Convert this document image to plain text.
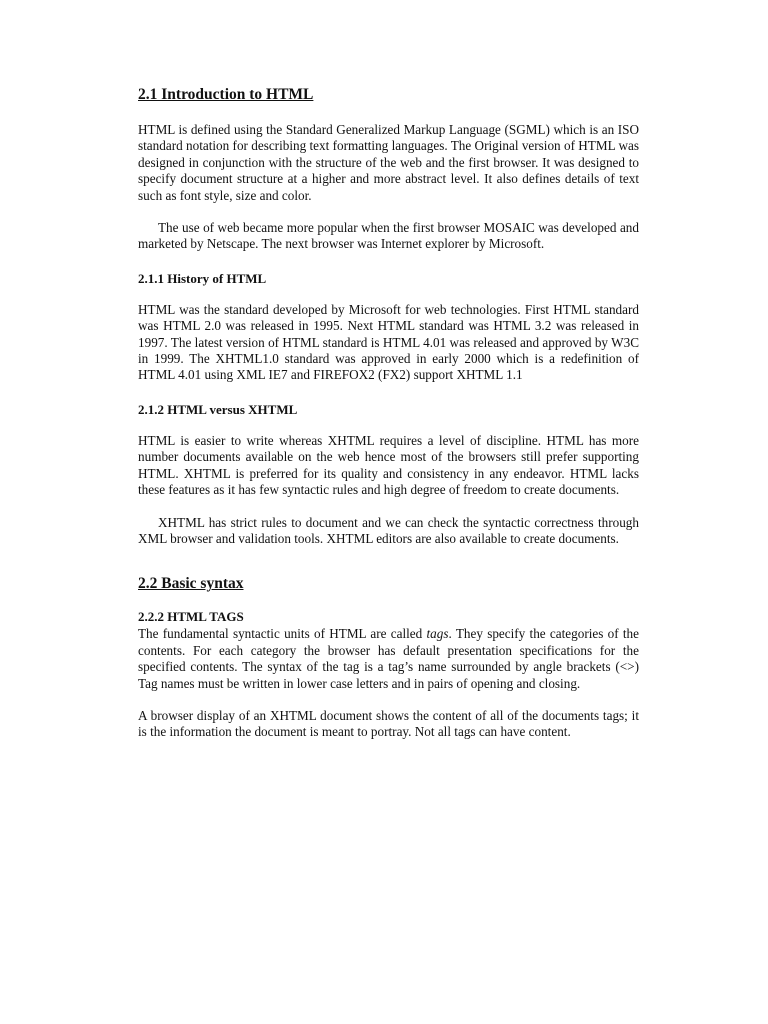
2.1 Introduction to HTML

HTML is defined using the Standard Generalized Markup Language (SGML) which is an ISO standard notation for describing text formatting languages. The Original version of HTML was designed in conjunction with the structure of the web and the first browser. It was designed to specify document structure at a higher and more abstract level. It also defines details of text such as font style, size and color.

The use of web became more popular when the first browser MOSAIC was developed and marketed by Netscape. The next browser was Internet explorer by Microsoft.

2.1.1 History of HTML

HTML was the standard developed by Microsoft for web technologies. First HTML standard was HTML 2.0 was released in 1995. Next HTML standard was HTML 3.2 was released in 1997. The latest version of HTML standard is HTML 4.01 was released and approved by W3C in 1999. The XHTML1.0 standard was approved in early 2000 which is a redefinition of HTML 4.01 using XML IE7 and FIREFOX2 (FX2) support XHTML 1.1

2.1.2 HTML versus XHTML

HTML is easier to write whereas XHTML requires a level of discipline. HTML has more number documents available on the web hence most of the browsers still prefer supporting HTML. XHTML is preferred for its quality and consistency in any endeavor. HTML lacks these features as it has few syntactic rules and high degree of freedom to create documents.

XHTML has strict rules to document and we can check the syntactic correctness through XML browser and validation tools. XHTML editors are also available to create documents.

2.2 Basic syntax
2.2.2 HTML TAGS

The fundamental syntactic units of HTML are called tags. They specify the categories of the contents. For each category the browser has default presentation specifications for the specified contents. The syntax of the tag is a tag’s name surrounded by angle brackets (<>) Tag names must be written in lower case letters and in pairs of opening and closing.

A browser display of an XHTML document shows the content of all of the documents tags; it is the information the document is meant to portray. Not all tags can have content.
